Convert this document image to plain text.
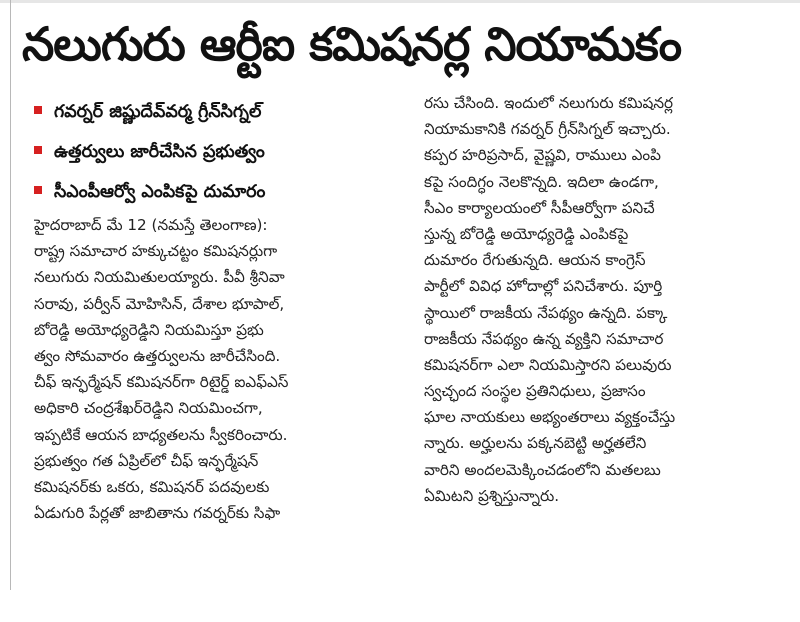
నలుగురు ఆర్టీఐ కమిషనర్ల నియామకం
గవర్నర్ జిష్ణుదేవ్‌వర్మ గ్రీన్‌సిగ్నల్
ఉత్తర్వులు జారీచేసిన ప్రభుత్వం
సీఎంపీఆర్వో ఎంపికపై దుమారం
హైదరాబాద్ మే 12 (నమస్తే తెలంగాణ):
రాష్ట్ర సమాచార హక్కుచట్టం కమిషనర్లుగా
నలుగురు నియమితులయ్యారు. పీవీ శ్రీనివా
సరావు, పర్వీన్ మోహిసిన్, దేశాల భూపాల్,
బోరెడ్డి అయోధ్యరెడ్డిని నియమిస్తూ ప్రభు
త్వం సోమవారం ఉత్తర్వులను జారీచేసింది.
చీఫ్ ఇన్ఫర్మేషన్ కమిషనర్‌గా రిటైర్డ్ ఐఎఫ్ఎస్
అధికారి చంద్రశేఖర్‌రెడ్డిని నియమించగా,
ఇప్పటికే ఆయన బాధ్యతలను స్వీకరించారు.
ప్రభుత్వం గత ఏప్రిల్‌లో చీఫ్ ఇన్ఫర్మేషన్
కమిషనర్‌కు ఒకరు, కమిషనర్ పదవులకు
ఏడుగురి పేర్లతో జాబితాను గవర్నర్‌కు సిఫా
రసు చేసింది. ఇందులో నలుగురు కమిషనర్ల
నియామకానికి గవర్నర్ గ్రీన్‌సిగ్నల్ ఇచ్చారు.
కప్పర హరిప్రసాద్, వైష్ణవి, రాములు ఎంపి
కపై సందిగ్ధం నెలకొన్నది. ఇదిలా ఉండగా,
సీఎం కార్యాలయంలో సీపీఆర్వోగా పనిచే
స్తున్న బోరెడ్డి అయోధ్యరెడ్డి ఎంపికపై
దుమారం రేగుతున్నది. ఆయన కాంగ్రెస్
పార్టీలో వివిధ హోదాల్లో పనిచేశారు. పూర్తి
స్థాయిలో రాజకీయ నేపథ్యం ఉన్నది. పక్కా
రాజకీయ నేపథ్యం ఉన్న వ్యక్తిని సమాచార
కమిషనర్‌గా ఎలా నియమిస్తారని పలువురు
స్వచ్ఛంద సంస్థల ప్రతినిధులు, ప్రజాసం
ఘాల నాయకులు అభ్యంతరాలు వ్యక్తంచేస్తు
న్నారు. అర్హులను పక్కనబెట్టి అర్హతలేని
వారిని అందలమెక్కించడంలోని మతలబు
ఏమిటని ప్రశ్నిస్తున్నారు.
